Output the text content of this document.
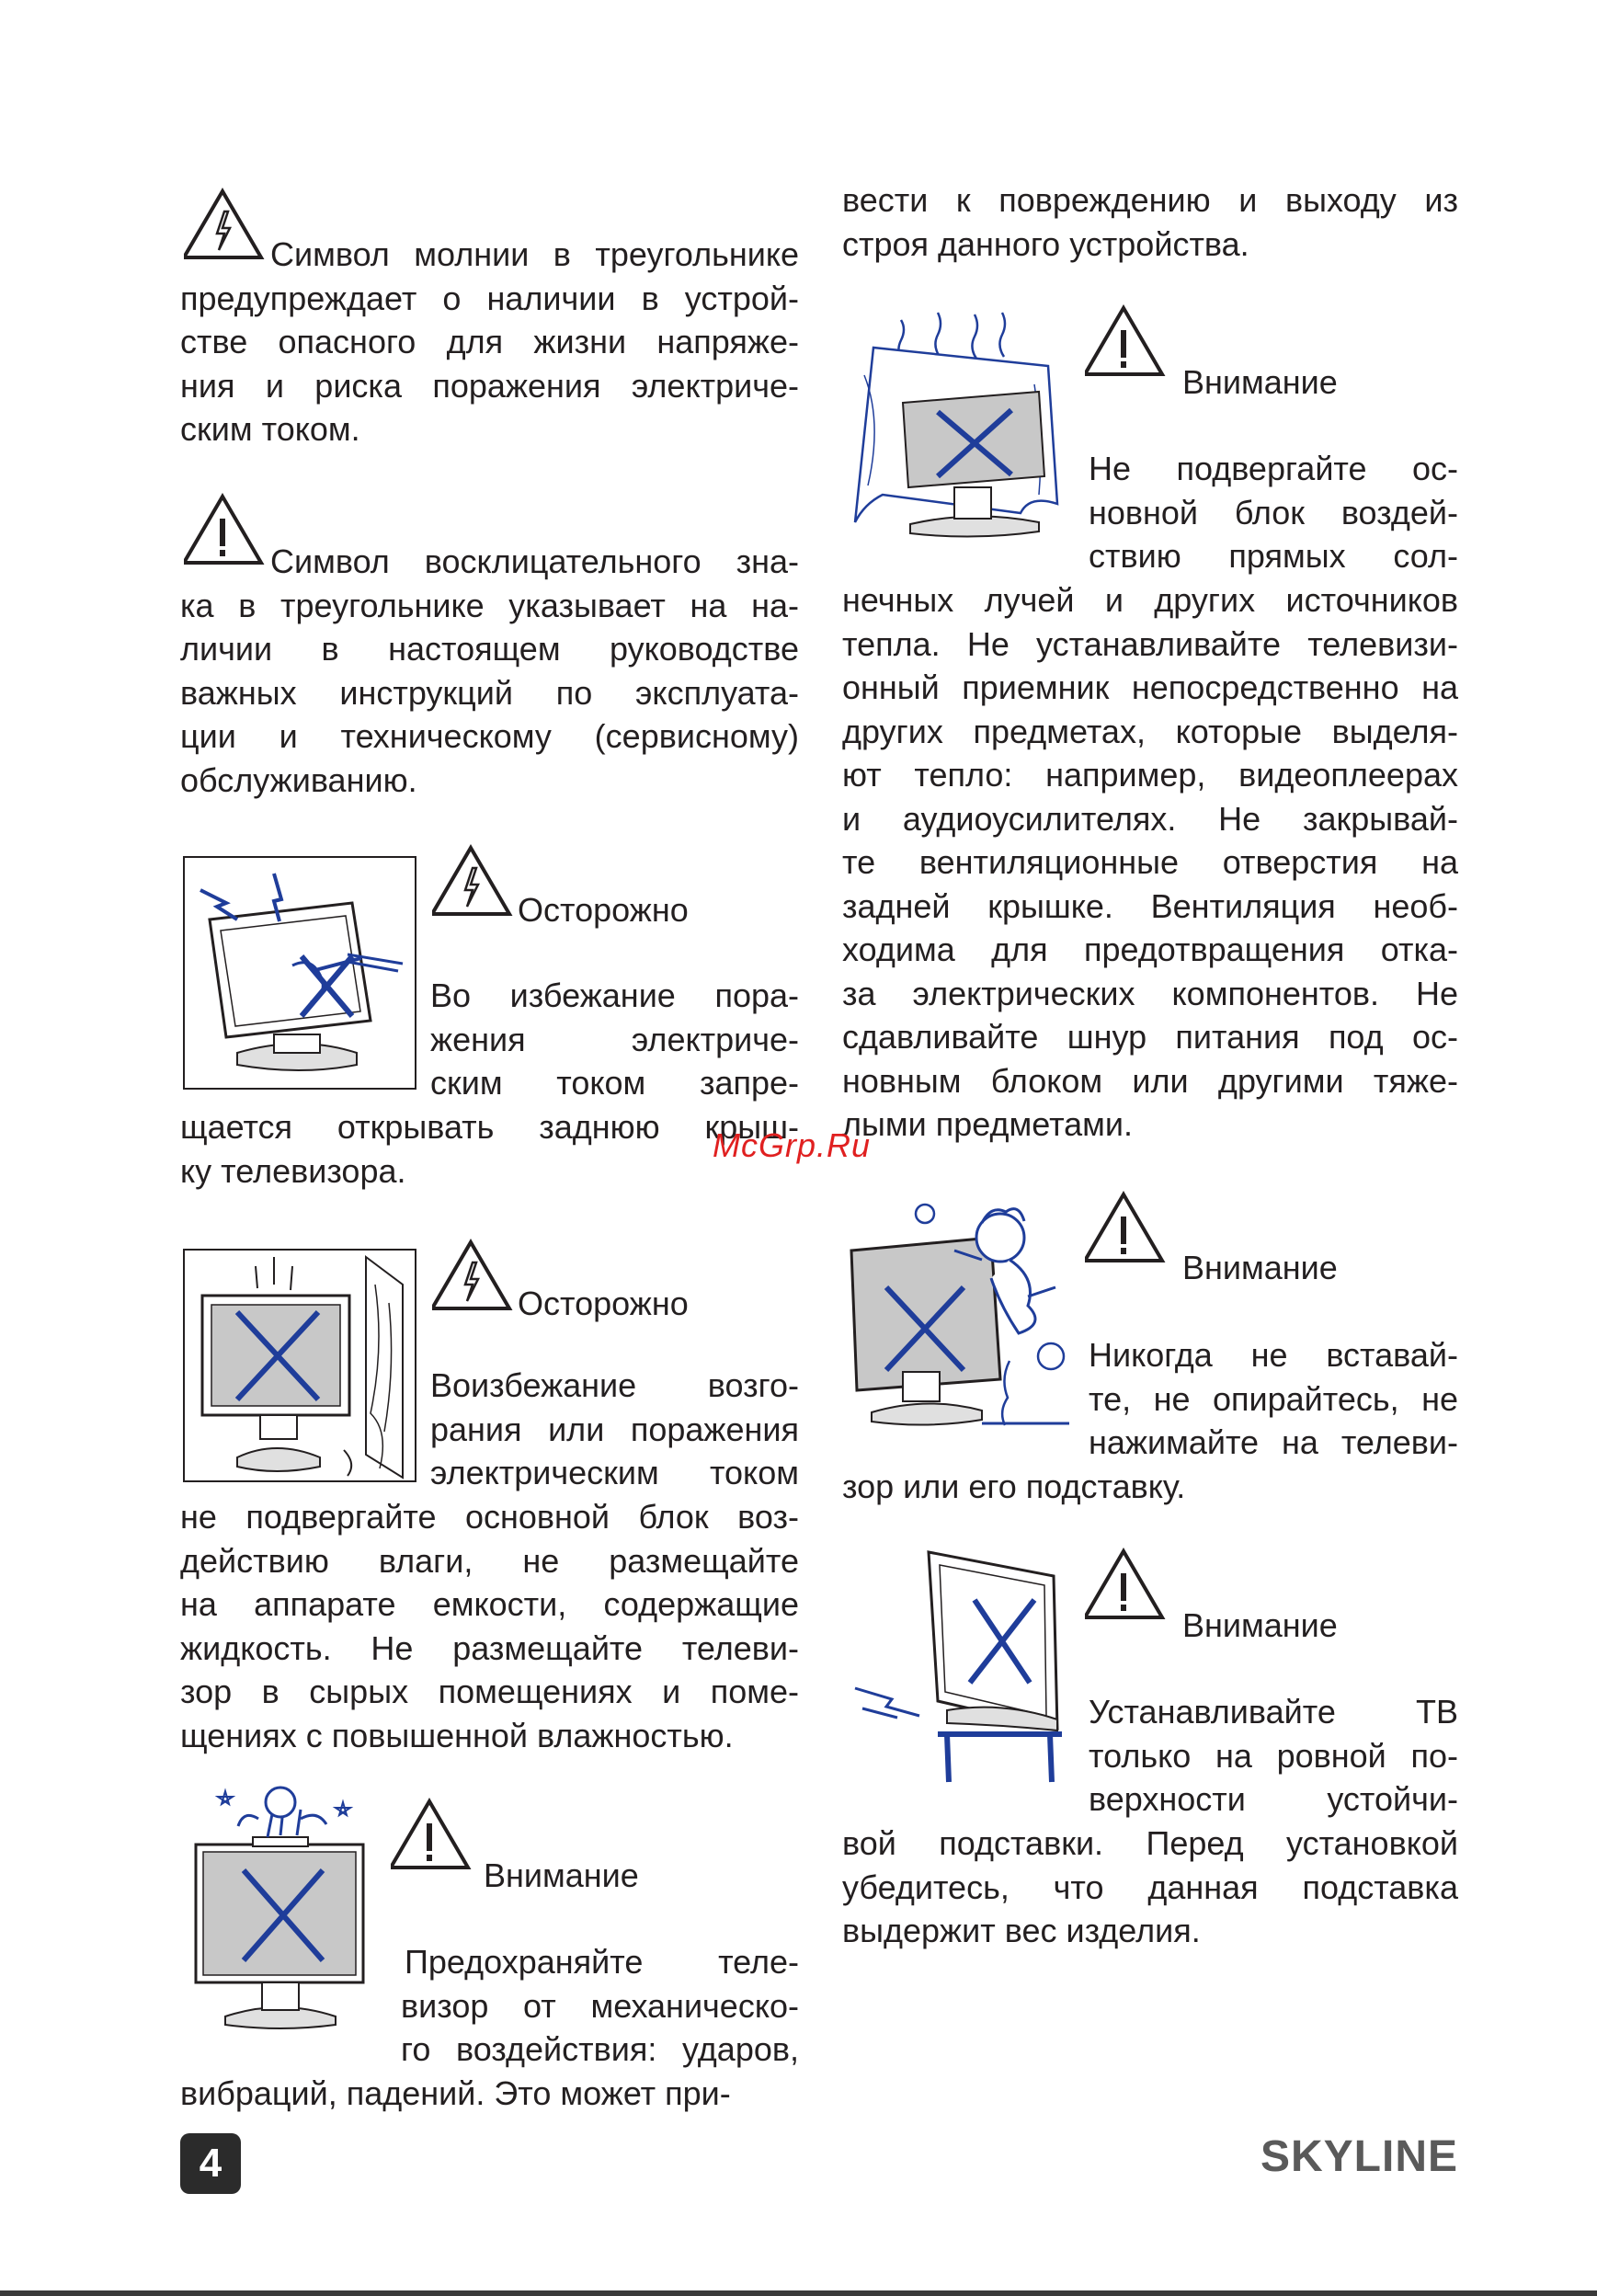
Символ молнии в треугольнике
предупреждает о наличии в устрой-
стве опасного для жизни напряже-
ния и риска поражения электриче-
ским током.
Символ восклицательного зна-
ка в треугольнике указывает на на-
личии в настоящем руководстве
важных инструкций по эксплуата-
ции и техническому (сервисному)
обслуживанию.
Осторожно
Во избежание пора-
жения электриче-
ским током запре-
щается открывать заднюю крыш-
ку телевизора.
Осторожно
Воизбежание возго-
рания или поражения
электрическим током
не подвергайте основной блок воз-
действию влаги, не размещайте
на аппарате емкости, содержащие
жидкость. Не размещайте телеви-
зор в сырых помещениях и поме-
щениях с повышенной влажностью.
Внимание
Предохраняйте теле-
визор от механическо-
го воздействия: ударов,
вибраций, падений. Это может при-
вести к повреждению и выходу из
строя данного устройства.
Внимание
Не подвергайте ос-
новной блок воздей-
ствию прямых сол-
нечных лучей и других источников
тепла. Не устанавливайте телевизи-
онный приемник непосредственно на
других предметах, которые выделя-
ют тепло: например, видеоплеерах
и аудиоусилителях. Не закрывай-
те вентиляционные отверстия на
задней крышке. Вентиляция необ-
ходима для предотвращения отка-
за электрических компонентов. Не
сдавливайте шнур питания под ос-
новным блоком или другими тяже-
лыми предметами.
Внимание
Никогда не вставай-
те, не опирайтесь, не
нажимайте на телеви-
зор или его подставку.
Внимание
Устанавливайте ТВ
только на ровной по-
верхности устойчи-
вой подставки. Перед установкой
убедитесь, что данная подставка
выдержит вес изделия.
McGrp.Ru
4	SKYLINE
